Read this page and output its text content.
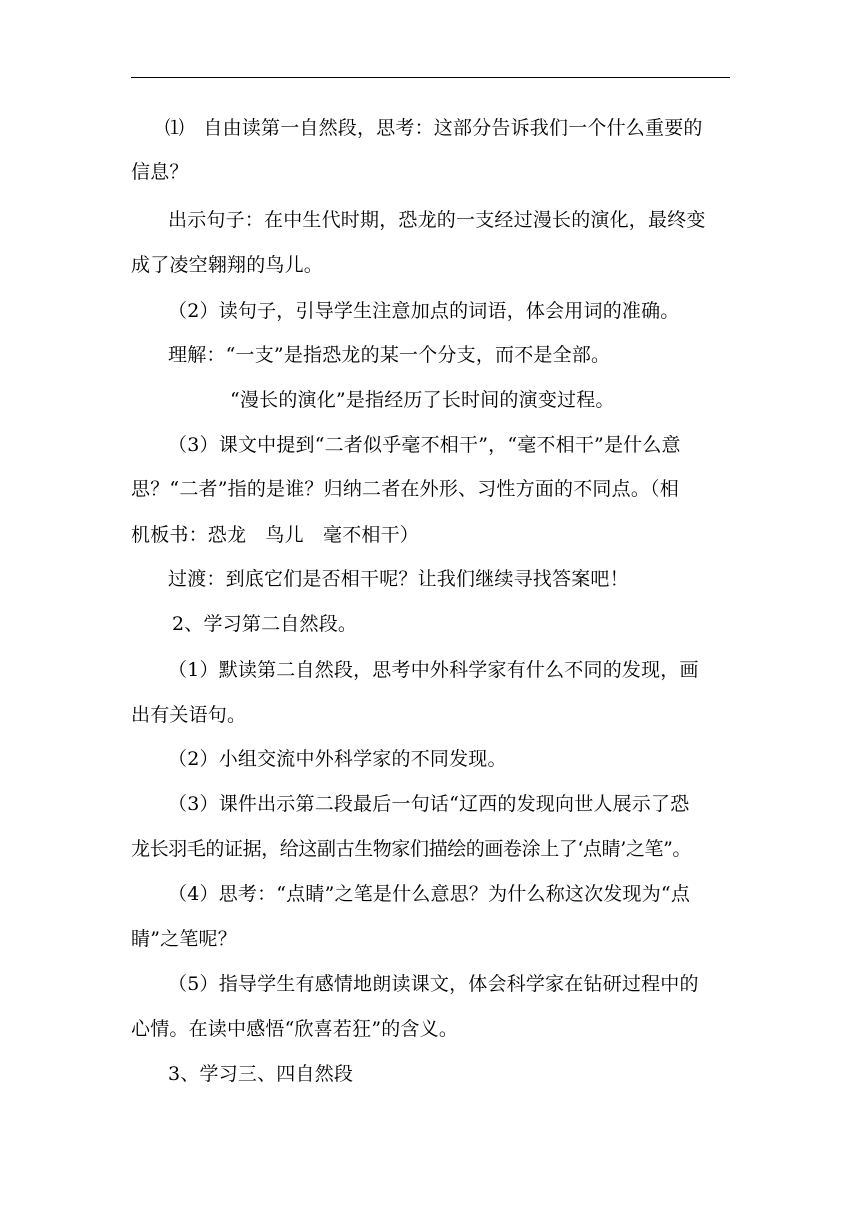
⑴　自由读第一自然段，思考：这部分告诉我们一个什么重要的
信息？
出示句子：在中生代时期，恐龙的一支经过漫长的演化，最终变
成了凌空翱翔的鸟儿。
（2）读句子，引导学生注意加点的词语，体会用词的准确。
理解：“一支”是指恐龙的某一个分支，而不是全部。
“漫长的演化”是指经历了长时间的演变过程。
（3）课文中提到“二者似乎毫不相干”，“毫不相干”是什么意
思？“二者”指的是谁？归纳二者在外形、习性方面的不同点。（相
机板书：恐龙　鸟儿　毫不相干）
过渡：到底它们是否相干呢？让我们继续寻找答案吧！
2、学习第二自然段。
（1）默读第二自然段，思考中外科学家有什么不同的发现，画
出有关语句。
（2）小组交流中外科学家的不同发现。
（3）课件出示第二段最后一句话“辽西的发现向世人展示了恐
龙长羽毛的证据，给这副古生物家们描绘的画卷涂上了‘点睛’之笔”。
（4）思考：“点睛”之笔是什么意思？为什么称这次发现为“点
睛”之笔呢？
（5）指导学生有感情地朗读课文，体会科学家在钻研过程中的
心情。在读中感悟“欣喜若狂”的含义。
3、学习三、四自然段
